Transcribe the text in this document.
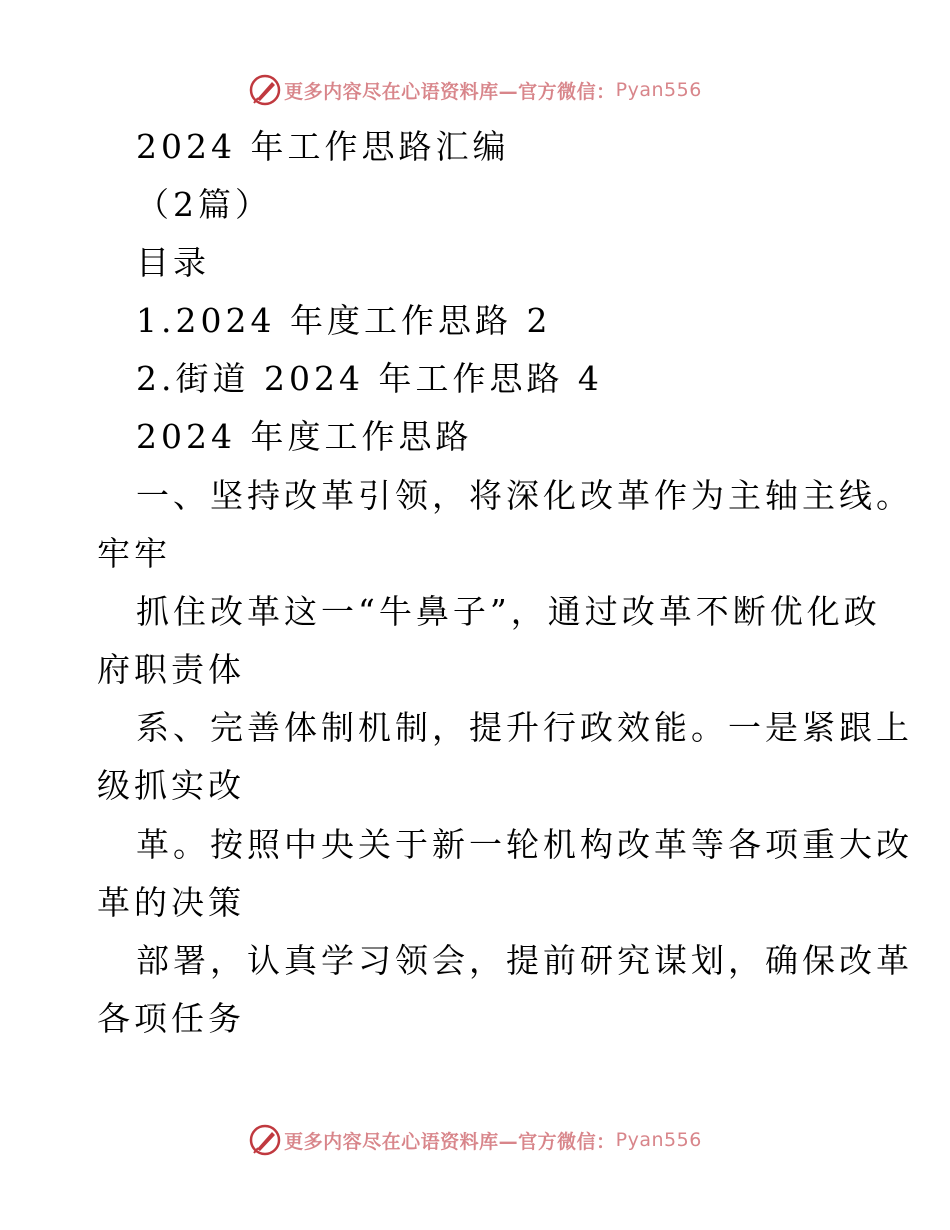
更多内容尽在心语资料库—官方微信： Pyan556
2024 年工作思路汇编
（2篇）
目录
1.2024 年度工作思路 2
2.街道 2024 年工作思路 4
2024 年度工作思路
一、坚持改革引领，将深化改革作为主轴主线。
牢牢
抓住改革这一“牛鼻子”，通过改革不断优化政
府职责体
系、完善体制机制，提升行政效能。一是紧跟上
级抓实改
革。按照中央关于新一轮机构改革等各项重大改
革的决策
部署，认真学习领会，提前研究谋划，确保改革
各项任务
更多内容尽在心语资料库—官方微信： Pyan556
